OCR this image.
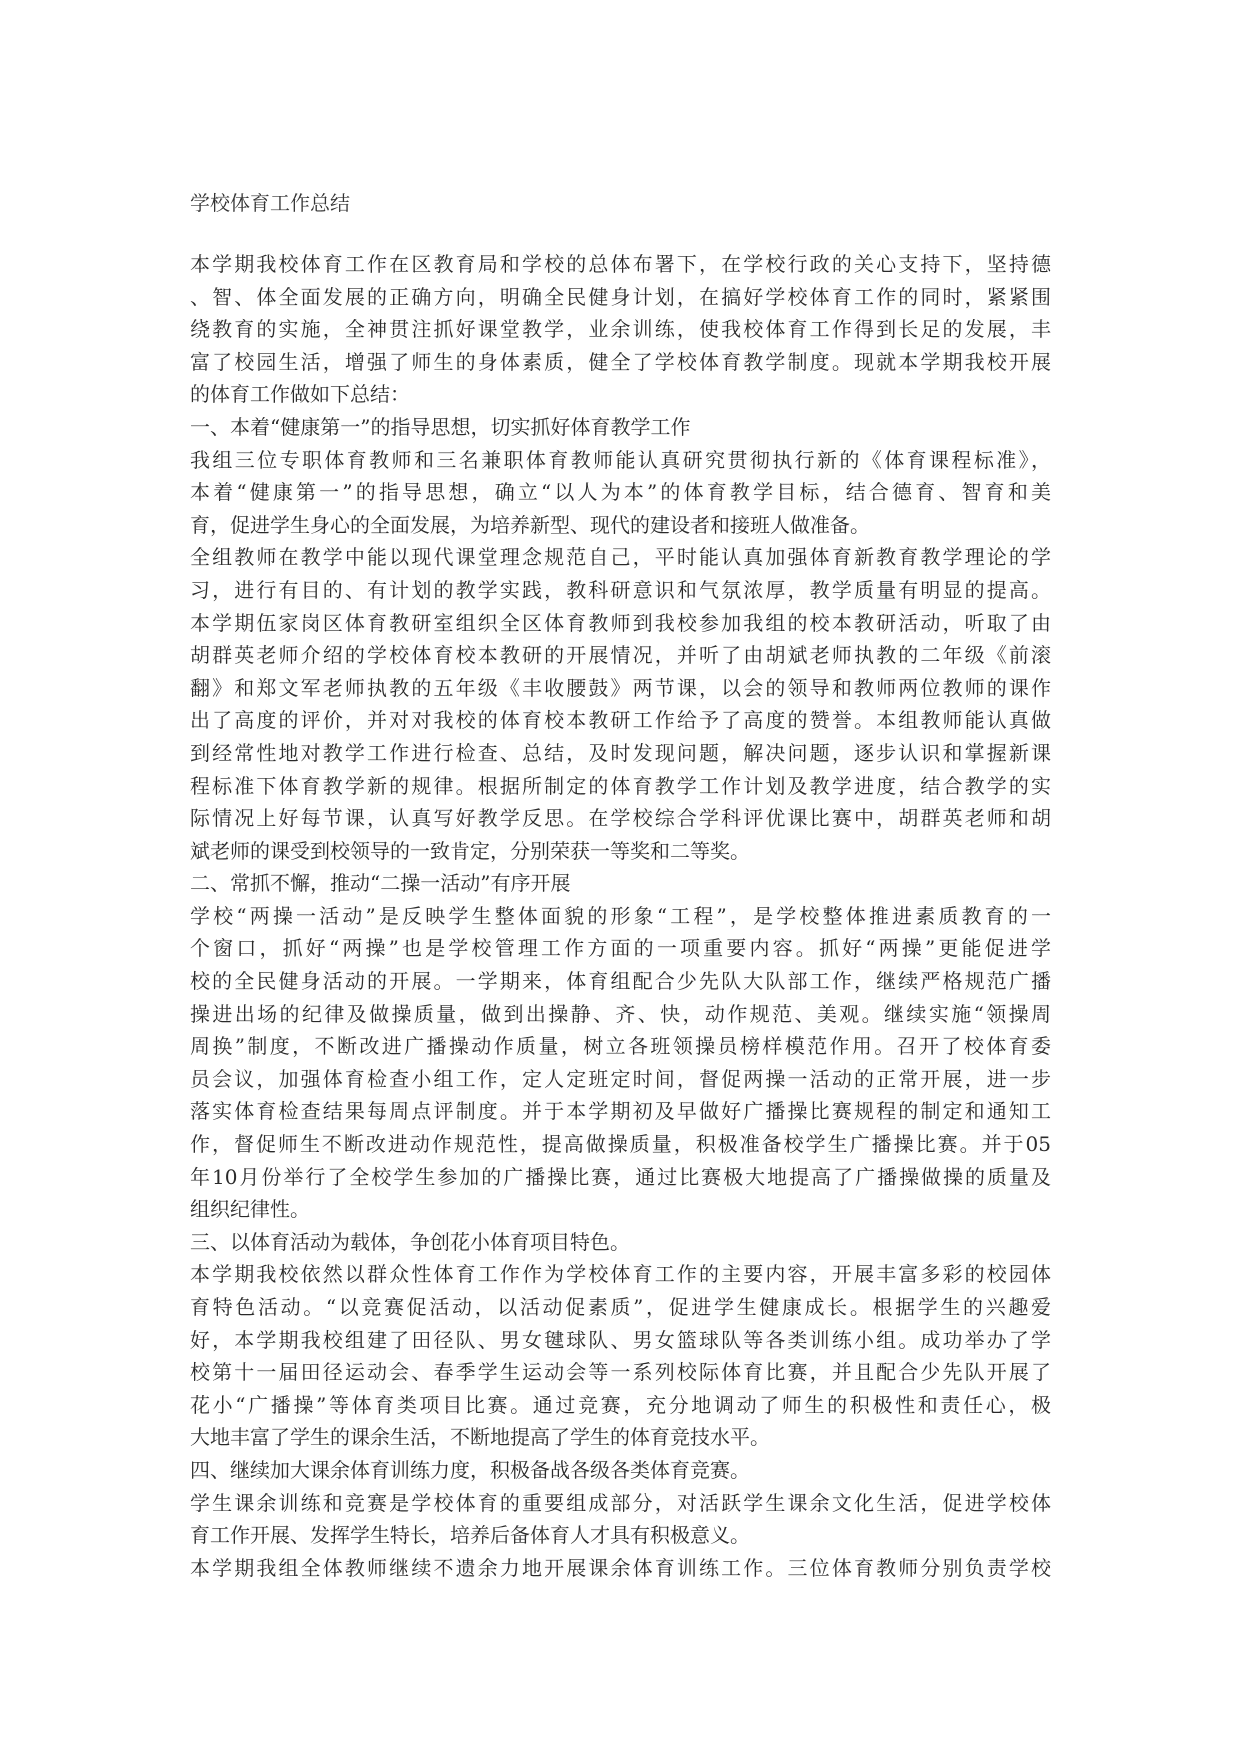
学校体育工作总结
本学期我校体育工作在区教育局和学校的总体布署下，在学校行政的关心支持下，坚持德
、智、体全面发展的正确方向，明确全民健身计划，在搞好学校体育工作的同时，紧紧围
绕教育的实施，全神贯注抓好课堂教学，业余训练，使我校体育工作得到长足的发展，丰
富了校园生活，增强了师生的身体素质，健全了学校体育教学制度。现就本学期我校开展
的体育工作做如下总结：
一、本着“健康第一”的指导思想，切实抓好体育教学工作
我组三位专职体育教师和三名兼职体育教师能认真研究贯彻执行新的《体育课程标准》，
本着“健康第一”的指导思想，确立“以人为本”的体育教学目标，结合德育、智育和美
育，促进学生身心的全面发展，为培养新型、现代的建设者和接班人做准备。
全组教师在教学中能以现代课堂理念规范自己，平时能认真加强体育新教育教学理论的学
习，进行有目的、有计划的教学实践，教科研意识和气氛浓厚，教学质量有明显的提高。
本学期伍家岗区体育教研室组织全区体育教师到我校参加我组的校本教研活动，听取了由
胡群英老师介绍的学校体育校本教研的开展情况，并听了由胡斌老师执教的二年级《前滚
翻》和郑文军老师执教的五年级《丰收腰鼓》两节课，以会的领导和教师两位教师的课作
出了高度的评价，并对对我校的体育校本教研工作给予了高度的赞誉。本组教师能认真做
到经常性地对教学工作进行检查、总结，及时发现问题，解决问题，逐步认识和掌握新课
程标准下体育教学新的规律。根据所制定的体育教学工作计划及教学进度，结合教学的实
际情况上好每节课，认真写好教学反思。在学校综合学科评优课比赛中，胡群英老师和胡
斌老师的课受到校领导的一致肯定，分别荣获一等奖和二等奖。
二、常抓不懈，推动“二操一活动”有序开展
学校“两操一活动”是反映学生整体面貌的形象“工程”，是学校整体推进素质教育的一
个窗口，抓好“两操”也是学校管理工作方面的一项重要内容。抓好“两操”更能促进学
校的全民健身活动的开展。一学期来，体育组配合少先队大队部工作，继续严格规范广播
操进出场的纪律及做操质量，做到出操静、齐、快，动作规范、美观。继续实施“领操周
周换”制度，不断改进广播操动作质量，树立各班领操员榜样模范作用。召开了校体育委
员会议，加强体育检查小组工作，定人定班定时间，督促两操一活动的正常开展，进一步
落实体育检查结果每周点评制度。并于本学期初及早做好广播操比赛规程的制定和通知工
作，督促师生不断改进动作规范性，提高做操质量，积极准备校学生广播操比赛。并于05
年10月份举行了全校学生参加的广播操比赛，通过比赛极大地提高了广播操做操的质量及
组织纪律性。
三、以体育活动为载体，争创花小体育项目特色。
本学期我校依然以群众性体育工作作为学校体育工作的主要内容，开展丰富多彩的校园体
育特色活动。“以竞赛促活动，以活动促素质”，促进学生健康成长。根据学生的兴趣爱
好，本学期我校组建了田径队、男女毽球队、男女篮球队等各类训练小组。成功举办了学
校第十一届田径运动会、春季学生运动会等一系列校际体育比赛，并且配合少先队开展了
花小“广播操”等体育类项目比赛。通过竞赛，充分地调动了师生的积极性和责任心，极
大地丰富了学生的课余生活，不断地提高了学生的体育竞技水平。
四、继续加大课余体育训练力度，积极备战各级各类体育竞赛。
学生课余训练和竞赛是学校体育的重要组成部分，对活跃学生课余文化生活，促进学校体
育工作开展、发挥学生特长，培养后备体育人才具有积极意义。
本学期我组全体教师继续不遗余力地开展课余体育训练工作。三位体育教师分别负责学校
